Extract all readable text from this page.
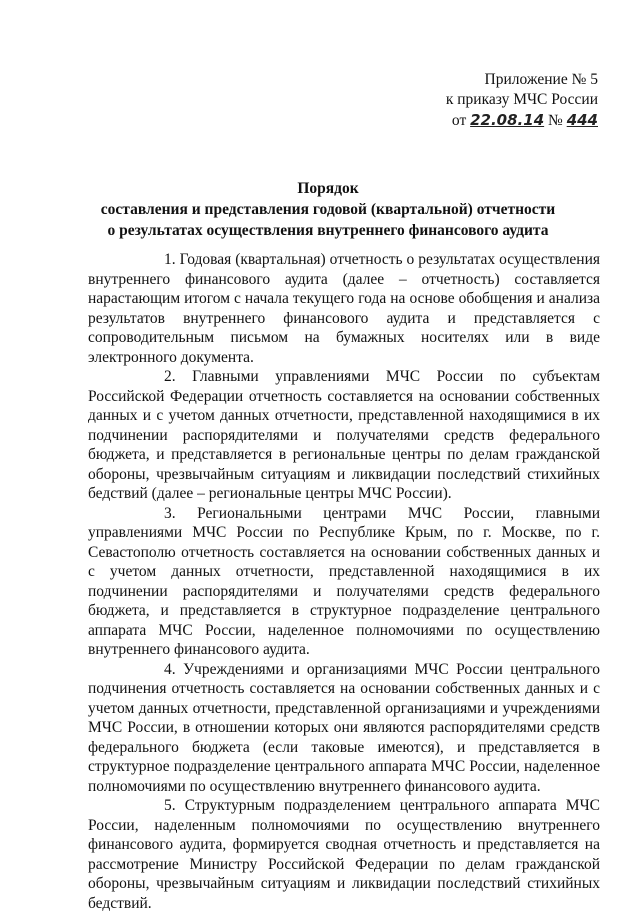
Приложение № 5
к приказу МЧС России
от 22.08.14 № 444
Порядок
составления и представления годовой (квартальной) отчетности
о результатах осуществления внутреннего финансового аудита

1. Годовая (квартальная) отчетность о результатах осуществления внутреннего финансового аудита (далее – отчетность) составляется нарастающим итогом с начала текущего года на основе обобщения и анализа результатов внутреннего финансового аудита и представляется с сопроводительным письмом на бумажных носителях или в виде электронного документа.

2. Главными управлениями МЧС России по субъектам Российской Федерации отчетность составляется на основании собственных данных и с учетом данных отчетности, представленной находящимися в их подчинении распорядителями и получателями средств федерального бюджета, и представляется в региональные центры по делам гражданской обороны, чрезвычайным ситуациям и ликвидации последствий стихийных бедствий (далее – региональные центры МЧС России).

3. Региональными центрами МЧС России, главными управлениями МЧС России по Республике Крым, по г. Москве, по г. Севастополю отчетность составляется на основании собственных данных и с учетом данных отчетности, представленной находящимися в их подчинении распорядителями и получателями средств федерального бюджета, и представляется в структурное подразделение центрального аппарата МЧС России, наделенное полномочиями по осуществлению внутреннего финансового аудита.

4. Учреждениями и организациями МЧС России центрального подчинения отчетность составляется на основании собственных данных и с учетом данных отчетности, представленной организациями и учреждениями МЧС России, в отношении которых они являются распорядителями средств федерального бюджета (если таковые имеются), и представляется в структурное подразделение центрального аппарата МЧС России, наделенное полномочиями по осуществлению внутреннего финансового аудита.

5. Структурным подразделением центрального аппарата МЧС России, наделенным полномочиями по осуществлению внутреннего финансового аудита, формируется сводная отчетность и представляется на рассмотрение Министру Российской Федерации по делам гражданской обороны, чрезвычайным ситуациям и ликвидации последствий стихийных бедствий.
